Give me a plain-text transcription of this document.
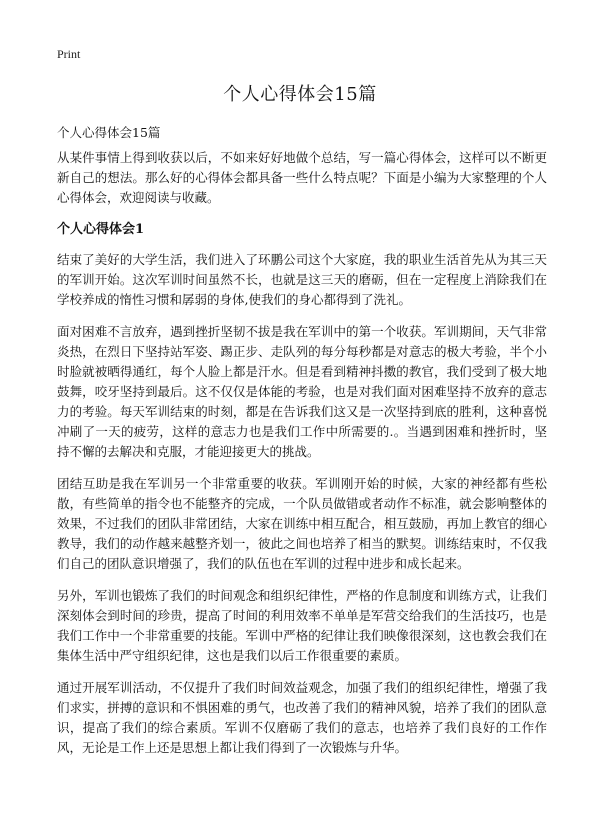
Print
个人心得体会15篇

个人心得体会15篇

从某件事情上得到收获以后，不如来好好地做个总结，写一篇心得体会，这样可以不断更新自己的想法。那么好的心得体会都具备一些什么特点呢？下面是小编为大家整理的个人心得体会，欢迎阅读与收藏。

个人心得体会1

结束了美好的大学生活，我们进入了环鹏公司这个大家庭，我的职业生活首先从为其三天的军训开始。这次军训时间虽然不长，也就是这三天的磨砺，但在一定程度上消除我们在学校养成的惰性习惯和孱弱的身体,使我们的身心都得到了洗礼。

面对困难不言放弃，遇到挫折坚韧不拔是我在军训中的第一个收获。军训期间，天气非常炎热，在烈日下坚持站军姿、踢正步、走队列的每分每秒都是对意志的极大考验，半个小时脸就被晒得通红，每个人脸上都是汗水。但是看到精神抖擞的教官，我们受到了极大地鼓舞，咬牙坚持到最后。这不仅仅是体能的考验，也是对我们面对困难坚持不放弃的意志力的考验。每天军训结束的时刻，都是在告诉我们这又是一次坚持到底的胜利，这种喜悦冲刷了一天的疲劳，这样的意志力也是我们工作中所需要的.。当遇到困难和挫折时，坚持不懈的去解决和克服，才能迎接更大的挑战。

团结互助是我在军训另一个非常重要的收获。军训刚开始的时候，大家的神经都有些松散，有些简单的指令也不能整齐的完成，一个队员做错或者动作不标准，就会影响整体的效果，不过我们的团队非常团结，大家在训练中相互配合，相互鼓励，再加上教官的细心教导，我们的动作越来越整齐划一，彼此之间也培养了相当的默契。训练结束时，不仅我们自己的团队意识增强了，我们的队伍也在军训的过程中进步和成长起来。

另外，军训也锻炼了我们的时间观念和组织纪律性，严格的作息制度和训练方式，让我们深刻体会到时间的珍贵，提高了时间的利用效率不单单是军营交给我们的生活技巧，也是我们工作中一个非常重要的技能。军训中严格的纪律让我们映像很深刻，这也教会我们在集体生活中严守组织纪律，这也是我们以后工作很重要的素质。

通过开展军训活动，不仅提升了我们时间效益观念，加强了我们的组织纪律性，增强了我们求实，拼搏的意识和不惧困难的勇气，也改善了我们的精神风貌，培养了我们的团队意识，提高了我们的综合素质。军训不仅磨砺了我们的意志，也培养了我们良好的工作作风，无论是工作上还是思想上都让我们得到了一次锻炼与升华。
